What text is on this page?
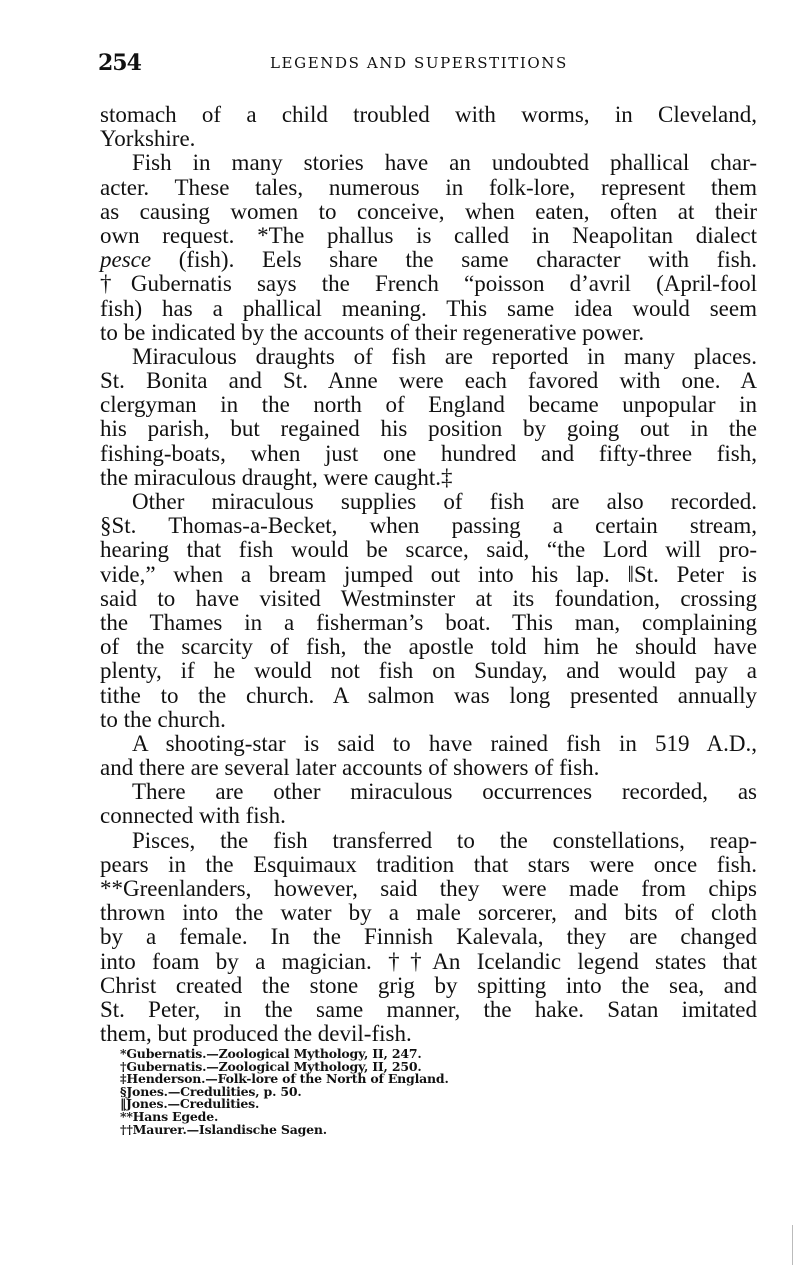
254	LEGENDS AND SUPERSTITIONS
stomach of a child troubled with worms, in Cleveland,
Yorkshire.
Fish in many stories have an undoubted phallical char-
acter. These tales, numerous in folk-lore, represent them
as causing women to conceive, when eaten, often at their
own request. *The phallus is called in Neapolitan dialect
pesce (fish). Eels share the same character with fish.
†Gubernatis says the French “poisson d’avril (April-fool
fish) has a phallical meaning. This same idea would seem
to be indicated by the accounts of their regenerative power.
Miraculous draughts of fish are reported in many places.
St. Bonita and St. Anne were each favored with one. A
clergyman in the north of England became unpopular in
his parish, but regained his position by going out in the
fishing-boats, when just one hundred and fifty-three fish,
the miraculous draught, were caught.‡
Other miraculous supplies of fish are also recorded.
§St. Thomas-a-Becket, when passing a certain stream,
hearing that fish would be scarce, said, “the Lord will pro-
vide,” when a bream jumped out into his lap. ‖St. Peter is
said to have visited Westminster at its foundation, crossing
the Thames in a fisherman’s boat. This man, complaining
of the scarcity of fish, the apostle told him he should have
plenty, if he would not fish on Sunday, and would pay a
tithe to the church. A salmon was long presented annually
to the church.
A shooting-star is said to have rained fish in 519 A.D.,
and there are several later accounts of showers of fish.
There are other miraculous occurrences recorded, as
connected with fish.
Pisces, the fish transferred to the constellations, reap-
pears in the Esquimaux tradition that stars were once fish.
**Greenlanders, however, said they were made from chips
thrown into the water by a male sorcerer, and bits of cloth
by a female. In the Finnish Kalevala, they are changed
into foam by a magician. ††An Icelandic legend states that
Christ created the stone grig by spitting into the sea, and
St. Peter, in the same manner, the hake. Satan imitated
them, but produced the devil-fish.
*Gubernatis.—Zoological Mythology, II, 247.
†Gubernatis.—Zoological Mythology, II, 250.
‡Henderson.—Folk-lore of the North of England.
§Jones.—Credulities, p. 50.
‖Jones.—Credulities.
**Hans Egede.
††Maurer.—Islandische Sagen.
